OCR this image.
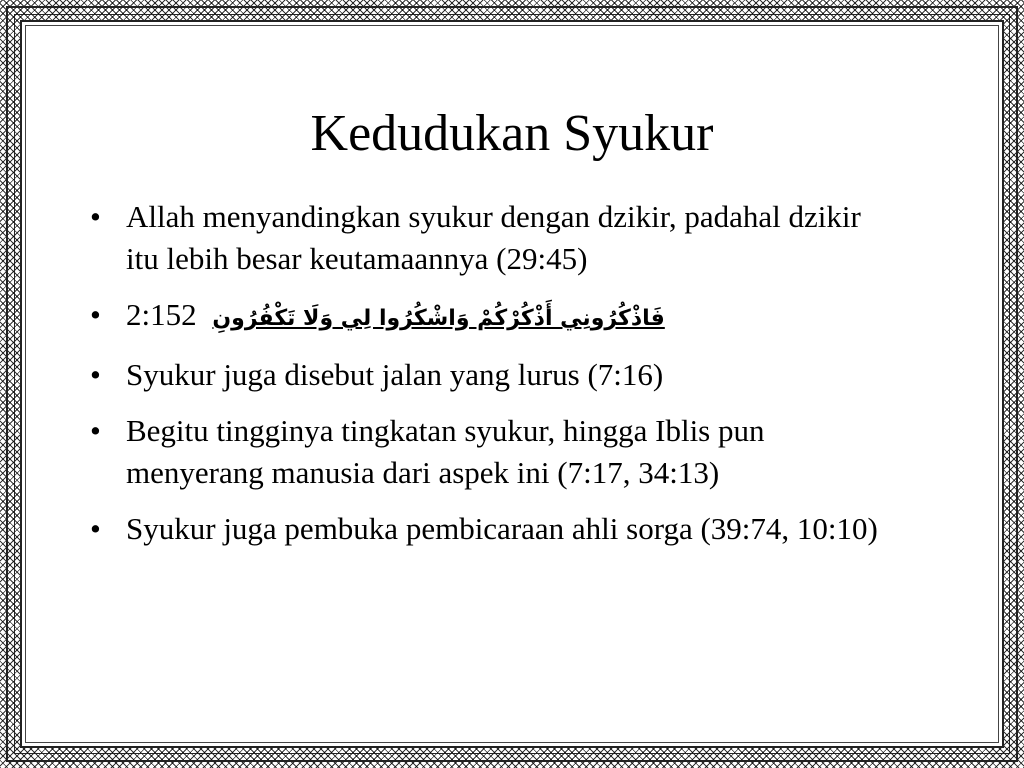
Kedudukan Syukur
• Allah menyandingkan syukur dengan dzikir, padahal dzikir itu lebih besar keutamaannya (29:45)
• 2:152 فَاذْكُرُونِي أَذْكُرْكُمْ وَاشْكُرُوا لِي وَلَا تَكْفُرُونِ
• Syukur juga disebut jalan yang lurus (7:16)
• Begitu tingginya tingkatan syukur, hingga Iblis pun menyerang manusia dari aspek ini (7:17, 34:13)
• Syukur juga pembuka pembicaraan ahli sorga (39:74, 10:10)
